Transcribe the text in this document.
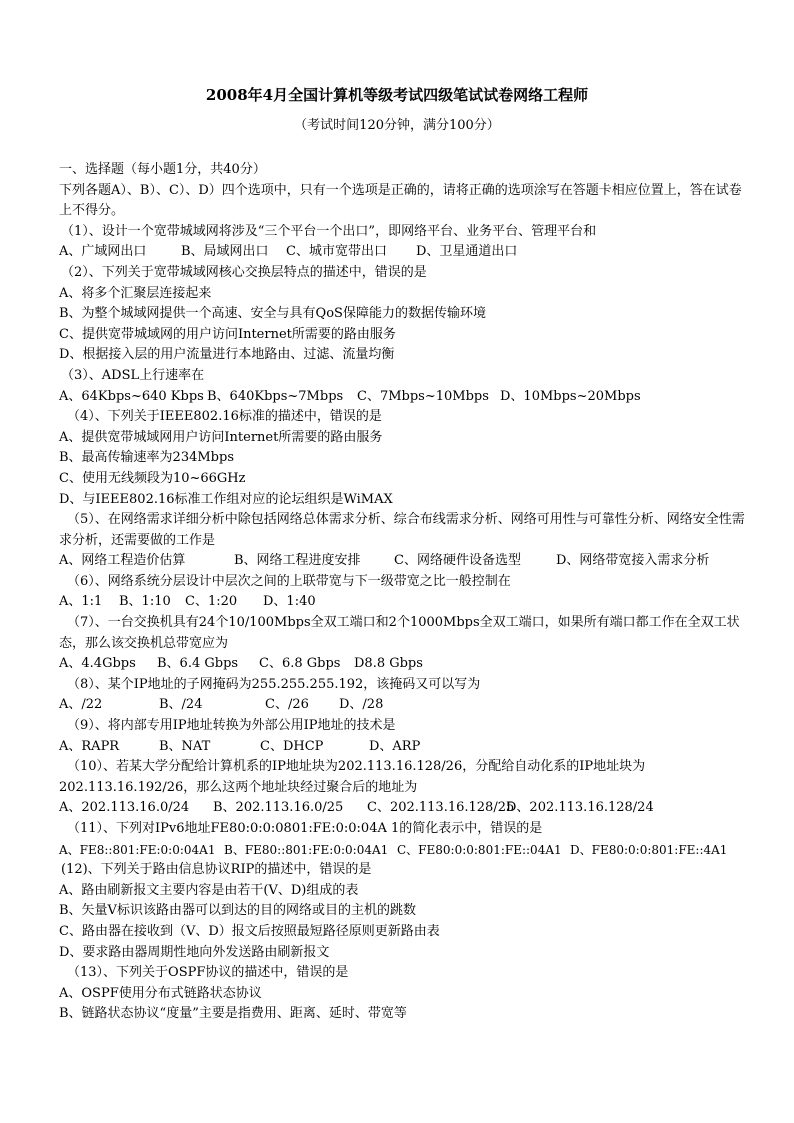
2008年4月全国计算机等级考试四级笔试试卷网络工程师
（考试时间120分钟，满分100分）
一、选择题（每小题1分，共40分）
下列各题A）、B）、C）、D）四个选项中，只有一个选项是正确的，请将正确的选项涂写在答题卡相应位置上，答在试卷上不得分。
（1）、设计一个宽带城域网将涉及“三个平台一个出口”，即网络平台、业务平台、管理平台和
A、广域网出口	B、局域网出口	C、城市宽带出口	D、卫星通道出口
（2）、下列关于宽带城域网核心交换层特点的描述中，错误的是
A、将多个汇聚层连接起来
B、为整个城域网提供一个高速、安全与具有QoS保障能力的数据传输环境
C、提供宽带城域网的用户访问Internet所需要的路由服务
D、根据接入层的用户流量进行本地路由、过滤、流量均衡
（3）、ADSL上行速率在
A、64Kbps~640 Kbps B、640Kbps~7Mbps	C、7Mbps~10Mbps D、10Mbps~20Mbps
（4）、下列关于IEEE802.16标准的描述中，错误的是
A、提供宽带城域网用户访问Internet所需要的路由服务
B、最高传输速率为234Mbps
C、使用无线频段为10~66GHz
D、与IEEE802.16标准工作组对应的论坛组织是WiMAX
（5）、在网络需求详细分析中除包括网络总体需求分析、综合布线需求分析、网络可用性与可靠性分析、网络安全性需求分析，还需要做的工作是
A、网络工程造价估算	B、网络工程进度安排	C、网络硬件设备选型	D、网络带宽接入需求分析
（6）、网络系统分层设计中层次之间的上联带宽与下一级带宽之比一般控制在
A、1:1	B、1:10	C、1:20	D、1:40
（7）、一台交换机具有24个10/100Mbps全双工端口和2个1000Mbps全双工端口，如果所有端口都工作在全双工状态，那么该交换机总带宽应为
A、4.4Gbps	B、6.4 Gbps	C、6.8 Gbps	D8.8 Gbps
（8）、某个IP地址的子网掩码为255.255.255.192，该掩码又可以写为
A、/22	B、/24	C、/26	D、/28
（9）、将内部专用IP地址转换为外部公用IP地址的技术是
A、RAPR	B、NAT	C、DHCP	D、ARP
（10）、若某大学分配给计算机系的IP地址块为202.113.16.128/26，分配给自动化系的IP地址块为202.113.16.192/26，那么这两个地址块经过聚合后的地址为
A、202.113.16.0/24	B、202.113.16.0/25	C、202.113.16.128/25
D、202.113.16.128/24
（11）、下列对IPv6地址FE80:0:0:0801:FE:0:0:04A 1的简化表示中，错误的是
A、FE8::801:FE:0:0:04A1 B、FE80::801:FE:0:0:04A1 C、FE80:0:0:801:FE::04A1 D、FE80:0:0:801:FE::4A1
(12)、下列关于路由信息协议RIP的描述中，错误的是
A、路由刷新报文主要内容是由若干(V、D)组成的表
B、矢量V标识该路由器可以到达的目的网络或目的主机的跳数
C、路由器在接收到（V、D）报文后按照最短路径原则更新路由表
D、要求路由器周期性地向外发送路由刷新报文
（13）、下列关于OSPF协议的描述中，错误的是
A、OSPF使用分布式链路状态协议
B、链路状态协议“度量”主要是指费用、距离、延时、带宽等
